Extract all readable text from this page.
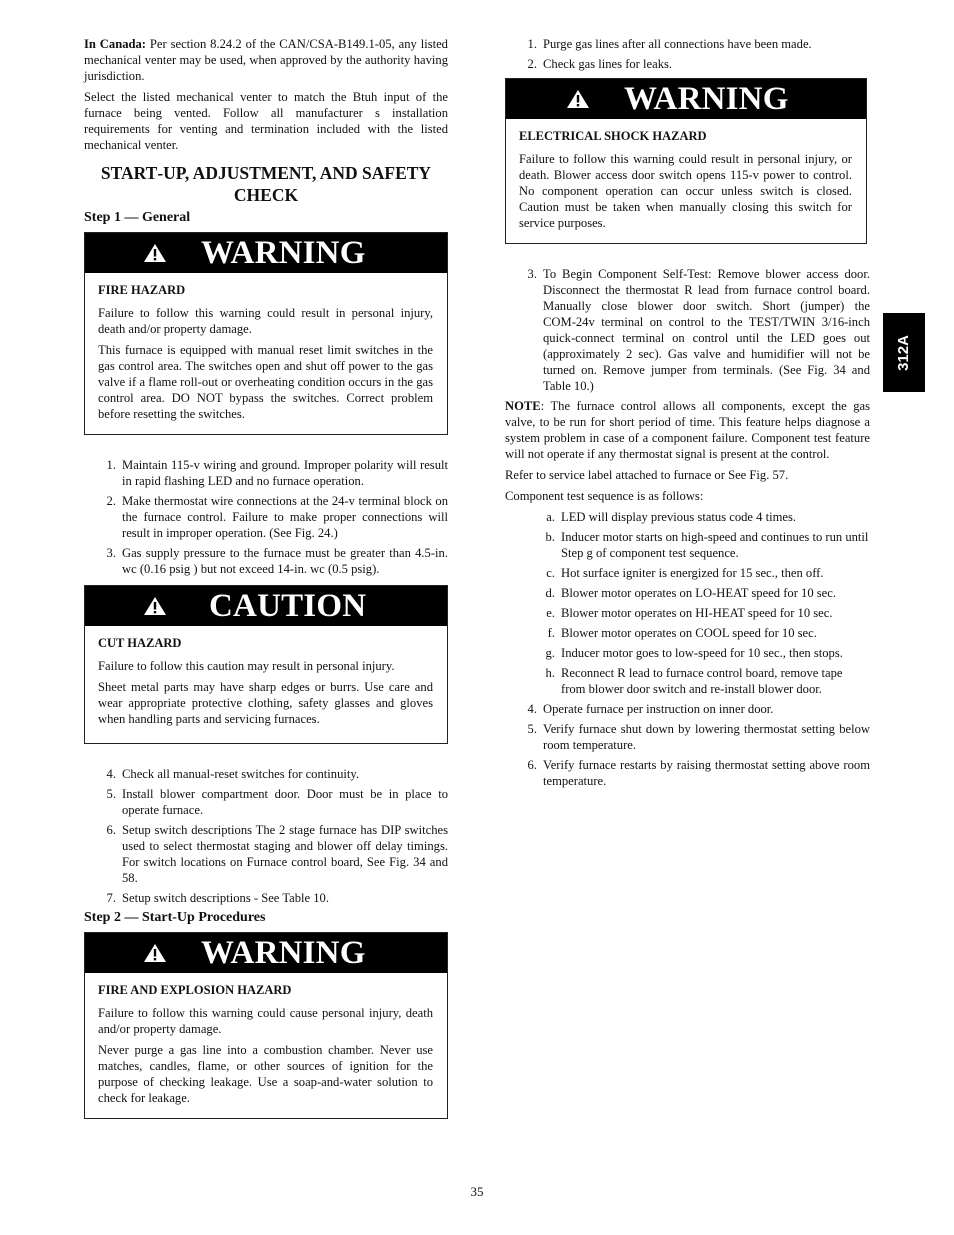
In Canada: Per section 8.24.2 of the CAN/CSA‑B149.1‑05, any listed mechanical venter may be used, when approved by the authority having jurisdiction.

Select the listed mechanical venter to match the Btuh input of the furnace being vented. Follow all manufacturer s installation requirements for venting and termination included with the listed mechanical venter.

START‑UP, ADJUSTMENT, AND SAFETY CHECK
Step 1 — General
WARNING
FIRE HAZARD

Failure to follow this warning could result in personal injury, death and/or property damage.

This furnace is equipped with manual reset limit switches in the gas control area. The switches open and shut off power to the gas valve if a flame roll‑out or overheating condition occurs in the gas control area. DO NOT bypass the switches. Correct problem before resetting the switches.

1. Maintain 115‑v wiring and ground. Improper polarity will result in rapid flashing LED and no furnace operation.
2. Make thermostat wire connections at the 24‑v terminal block on the furnace control. Failure to make proper connections will result in improper operation. (See Fig. 24.)
3. Gas supply pressure to the furnace must be greater than 4.5‑in. wc (0.16 psig ) but not exceed 14‑in. wc (0.5 psig).
CAUTION
CUT HAZARD

Failure to follow this caution may result in personal injury.

Sheet metal parts may have sharp edges or burrs. Use care and wear appropriate protective clothing, safety glasses and gloves when handling parts and servicing furnaces.

4. Check all manual‑reset switches for continuity.
5. Install blower compartment door. Door must be in place to operate furnace.
6. Setup switch descriptions The 2 stage furnace has DIP switches used to select thermostat staging and blower off delay timings. For switch locations on Furnace control board, See Fig. 34 and 58.
7. Setup switch descriptions ‑ See Table 10.
Step 2 — Start‑Up Procedures
WARNING
FIRE AND EXPLOSION HAZARD

Failure to follow this warning could cause personal injury, death and/or property damage.

Never purge a gas line into a combustion chamber. Never use matches, candles, flame, or other sources of ignition for the purpose of checking leakage. Use a soap‑and‑water solution to check for leakage.

1. Purge gas lines after all connections have been made.
2. Check gas lines for leaks.
WARNING
ELECTRICAL SHOCK HAZARD

Failure to follow this warning could result in personal injury, or death. Blower access door switch opens 115‑v power to control. No component operation can occur unless switch is closed. Caution must be taken when manually closing this switch for service purposes.

3. To Begin Component Self‑Test: Remove blower access door. Disconnect the thermostat R lead from furnace control board. Manually close blower door switch. Short (jumper) the COM‑24v terminal on control to the TEST/TWIN 3/16‑inch quick‑connect terminal on control until the LED goes out (approximately 2 sec). Gas valve and humidifier will not be turned on. Remove jumper from terminals. (See Fig. 34 and Table 10.)

NOTE: The furnace control allows all components, except the gas valve, to be run for short period of time. This feature helps diagnose a system problem in case of a component failure. Component test feature will not operate if any thermostat signal is present at the control.

Refer to service label attached to furnace or See Fig. 57.

Component test sequence is as follows:

a. LED will display previous status code 4 times.
b. Inducer motor starts on high‑speed and continues to run until Step g of component test sequence.
c. Hot surface igniter is energized for 15 sec., then off.
d. Blower motor operates on LO‑HEAT speed for 10 sec.
e. Blower motor operates on HI‑HEAT speed for 10 sec.
f. Blower motor operates on COOL speed for 10 sec.
g. Inducer motor goes to low‑speed for 10 sec., then stops.
h. Reconnect R lead to furnace control board, remove tape from blower door switch and re‑install blower door.
4. Operate furnace per instruction on inner door.
5. Verify furnace shut down by lowering thermostat setting below room temperature.
6. Verify furnace restarts by raising thermostat setting above room temperature.
312A
35
